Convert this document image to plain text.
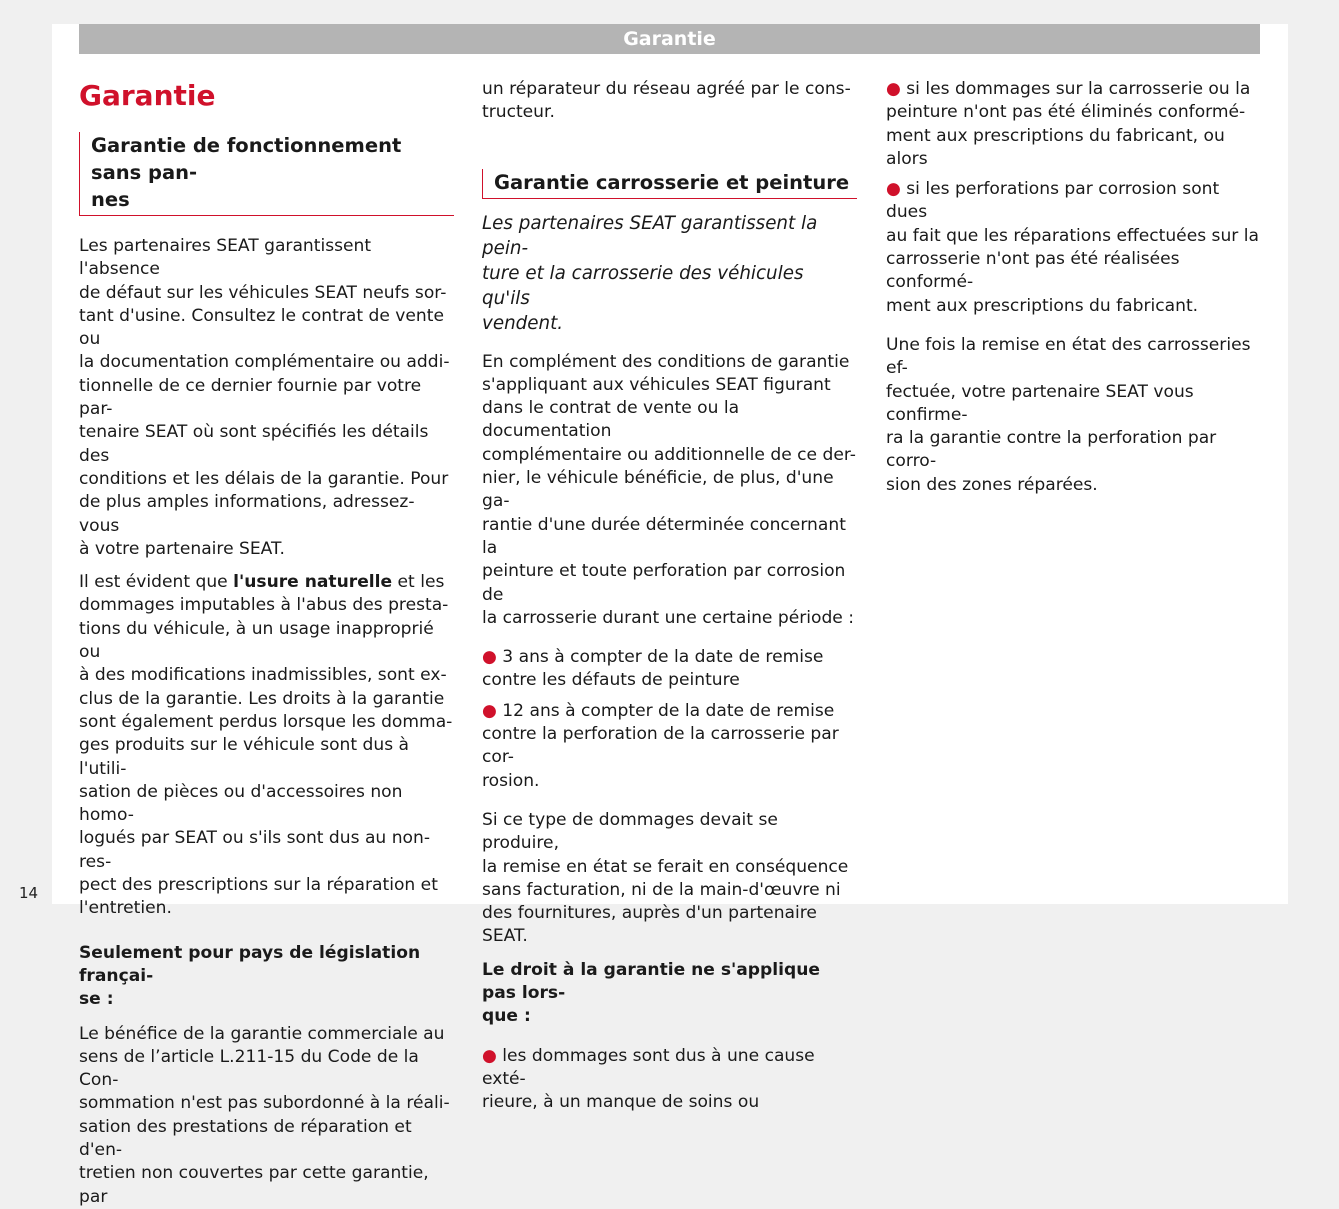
Garantie
14
Garantie
Garantie de fonctionnement sans pan-
nes

Les partenaires SEAT garantissent l'absence
de défaut sur les véhicules SEAT neufs sor-
tant d'usine. Consultez le contrat de vente ou
la documentation complémentaire ou addi-
tionnelle de ce dernier fournie par votre par-
tenaire SEAT où sont spécifiés les détails des
conditions et les délais de la garantie. Pour
de plus amples informations, adressez-vous
à votre partenaire SEAT.

Il est évident que l'usure naturelle et les
dommages imputables à l'abus des presta-
tions du véhicule, à un usage inapproprié ou
à des modifications inadmissibles, sont ex-
clus de la garantie. Les droits à la garantie
sont également perdus lorsque les domma-
ges produits sur le véhicule sont dus à l'utili-
sation de pièces ou d'accessoires non homo-
logués par SEAT ou s'ils sont dus au non-res-
pect des prescriptions sur la réparation et
l'entretien.

Seulement pour pays de législation françai-
se :

Le bénéfice de la garantie commerciale au
sens de l’article L.211-15 du Code de la Con-
sommation n'est pas subordonné à la réali-
sation des prestations de réparation et d'en-
tretien non couvertes par cette garantie, par

un réparateur du réseau agréé par le cons-
tructeur.

Garantie carrosserie et peinture

Les partenaires SEAT garantissent la pein-
ture et la carrosserie des véhicules qu'ils
vendent.

En complément des conditions de garantie
s'appliquant aux véhicules SEAT figurant
dans le contrat de vente ou la documentation
complémentaire ou additionnelle de ce der-
nier, le véhicule bénéficie, de plus, d'une ga-
rantie d'une durée déterminée concernant la
peinture et toute perforation par corrosion de
la carrosserie durant une certaine période :

● 3 ans à compter de la date de remise
contre les défauts de peinture

● 12 ans à compter de la date de remise
contre la perforation de la carrosserie par cor-
rosion.

Si ce type de dommages devait se produire,
la remise en état se ferait en conséquence
sans facturation, ni de la main-d'œuvre ni
des fournitures, auprès d'un partenaire SEAT.

Le droit à la garantie ne s'applique pas lors-
que :

● les dommages sont dus à une cause exté-
rieure, à un manque de soins ou

● si les dommages sur la carrosserie ou la
peinture n'ont pas été éliminés conformé-
ment aux prescriptions du fabricant, ou alors

● si les perforations par corrosion sont dues
au fait que les réparations effectuées sur la
carrosserie n'ont pas été réalisées conformé-
ment aux prescriptions du fabricant.

Une fois la remise en état des carrosseries ef-
fectuée, votre partenaire SEAT vous confirme-
ra la garantie contre la perforation par corro-
sion des zones réparées.
